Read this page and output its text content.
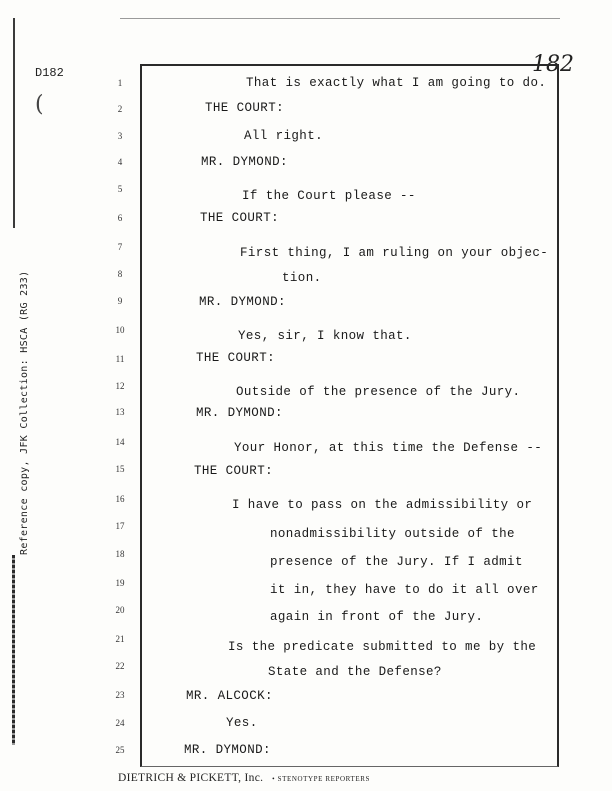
Reference copy, JFK Collection: HSCA (RG 233)
D182
(
182
1
2
3
4
5
6
7
8
9
10
11
12
13
14
15
16
17
18
19
20
21
22
23
24
25
That is exactly what I am going to do.
THE COURT:
All right.
MR. DYMOND:
If the Court please --
THE COURT:
First thing, I am ruling on your objec-
tion.
MR. DYMOND:
Yes, sir, I know that.
THE COURT:
Outside of the presence of the Jury.
MR. DYMOND:
Your Honor, at this time the Defense --
THE COURT:
I have to pass on the admissibility or
nonadmissibility outside of the
presence of the Jury. If I admit
it in, they have to do it all over
again in front of the Jury.
Is the predicate submitted to me by the
State and the Defense?
MR. ALCOCK:
Yes.
MR. DYMOND:
DIETRICH & PICKETT, Inc. • STENOTYPE REPORTERS
